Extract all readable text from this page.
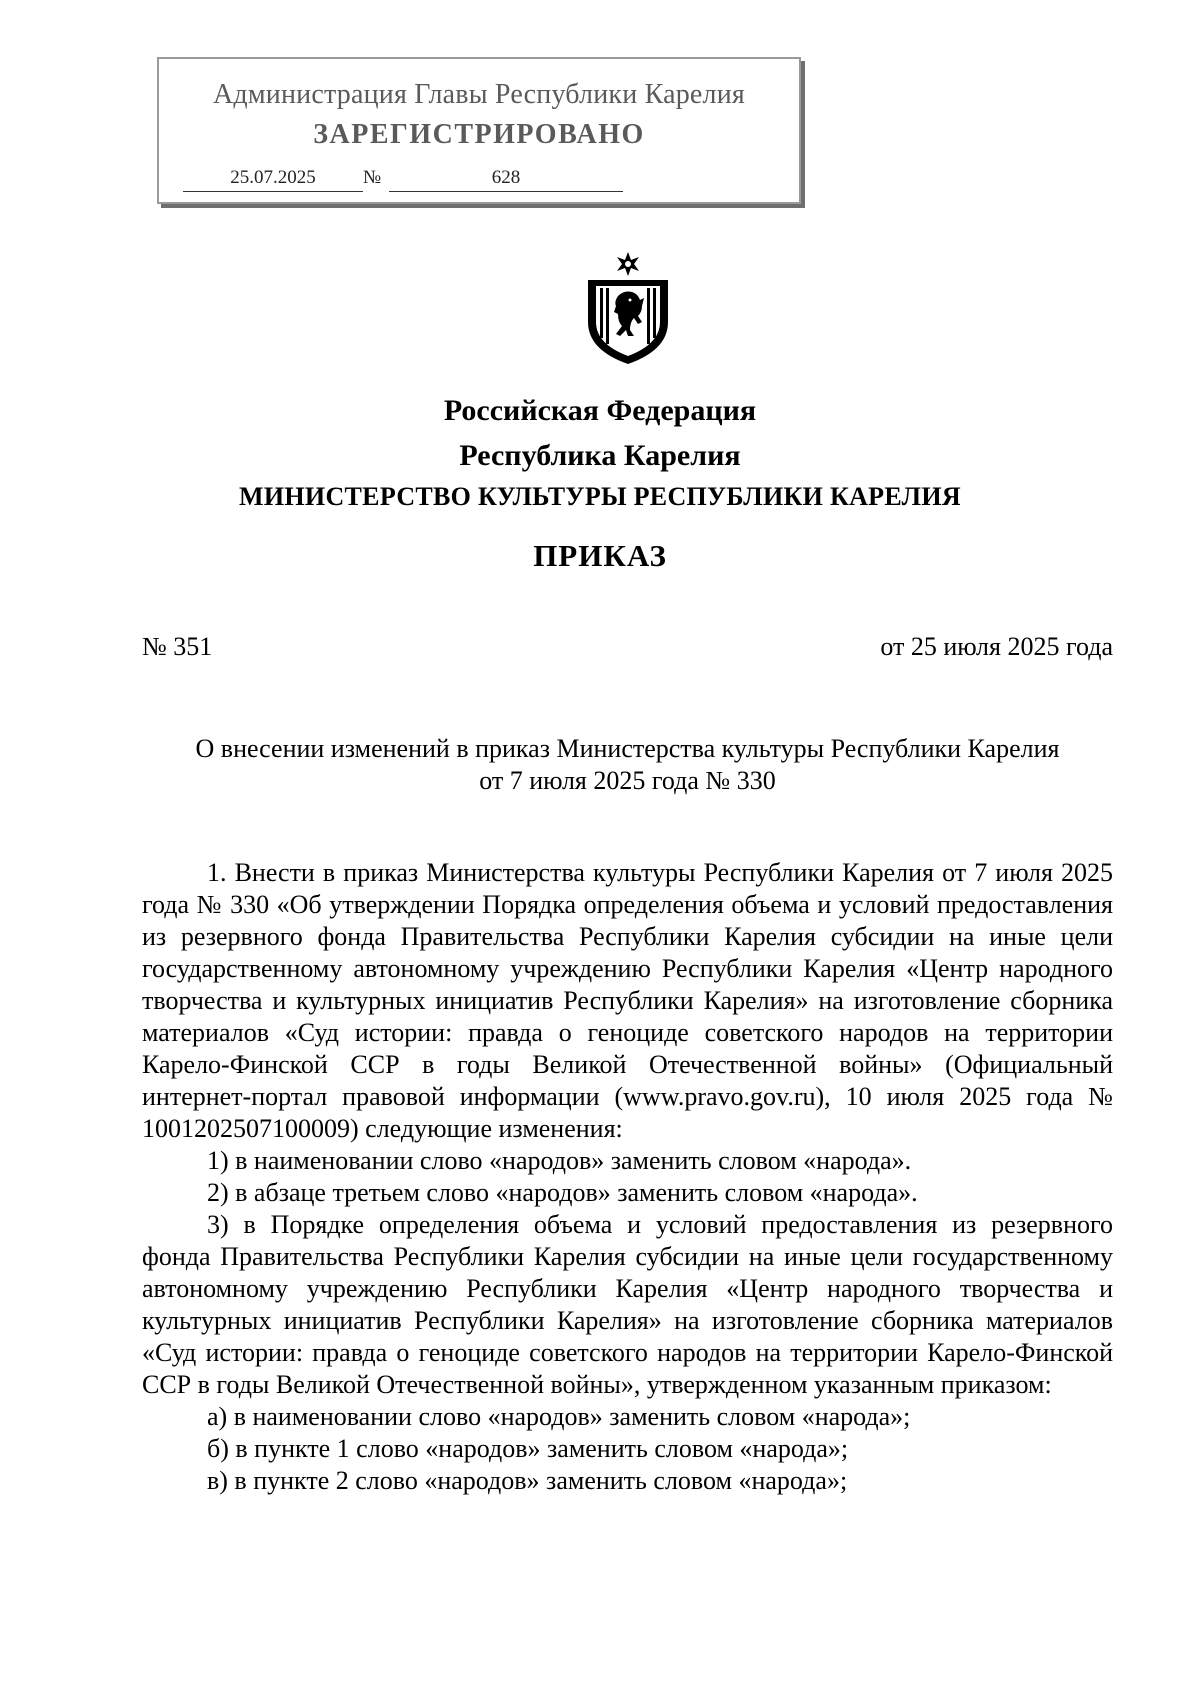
Администрация Главы Республики Карелия
ЗАРЕГИСТРИРОВАНО
25.07.2025	№	628
Российская Федерация
Республика Карелия
МИНИСТЕРСТВО КУЛЬТУРЫ РЕСПУБЛИКИ КАРЕЛИЯ
ПРИКАЗ
№ 351	от 25 июля 2025 года
О внесении изменений в приказ Министерства культуры Республики Карелия
от 7 июля 2025 года № 330

1. Внести в приказ Министерства культуры Республики Карелия от 7 июля 2025 года № 330 «Об утверждении Порядка определения объема и условий предоставления из резервного фонда Правительства Республики Карелия субсидии на иные цели государственному автономному учреждению Республики Карелия «Центр народного творчества и культурных инициатив Республики Карелия» на изготовление сборника материалов «Суд истории: правда о геноциде советского народов на территории Карело-Финской ССР в годы Великой Отечественной войны» (Официальный интернет-портал правовой информации (www.pravo.gov.ru), 10 июля 2025 года № 1001202507100009) следующие изменения:

1) в наименовании слово «народов» заменить словом «народа».

2) в абзаце третьем слово «народов» заменить словом «народа».

3) в Порядке определения объема и условий предоставления из резервного фонда Правительства Республики Карелия субсидии на иные цели государственному автономному учреждению Республики Карелия «Центр народного творчества и культурных инициатив Республики Карелия» на изготовление сборника материалов «Суд истории: правда о геноциде советского народов на территории Карело-Финской ССР в годы Великой Отечественной войны», утвержденном указанным приказом:

а) в наименовании слово «народов» заменить словом «народа»;

б) в пункте 1 слово «народов» заменить словом «народа»;

в) в пункте 2 слово «народов» заменить словом «народа»;
